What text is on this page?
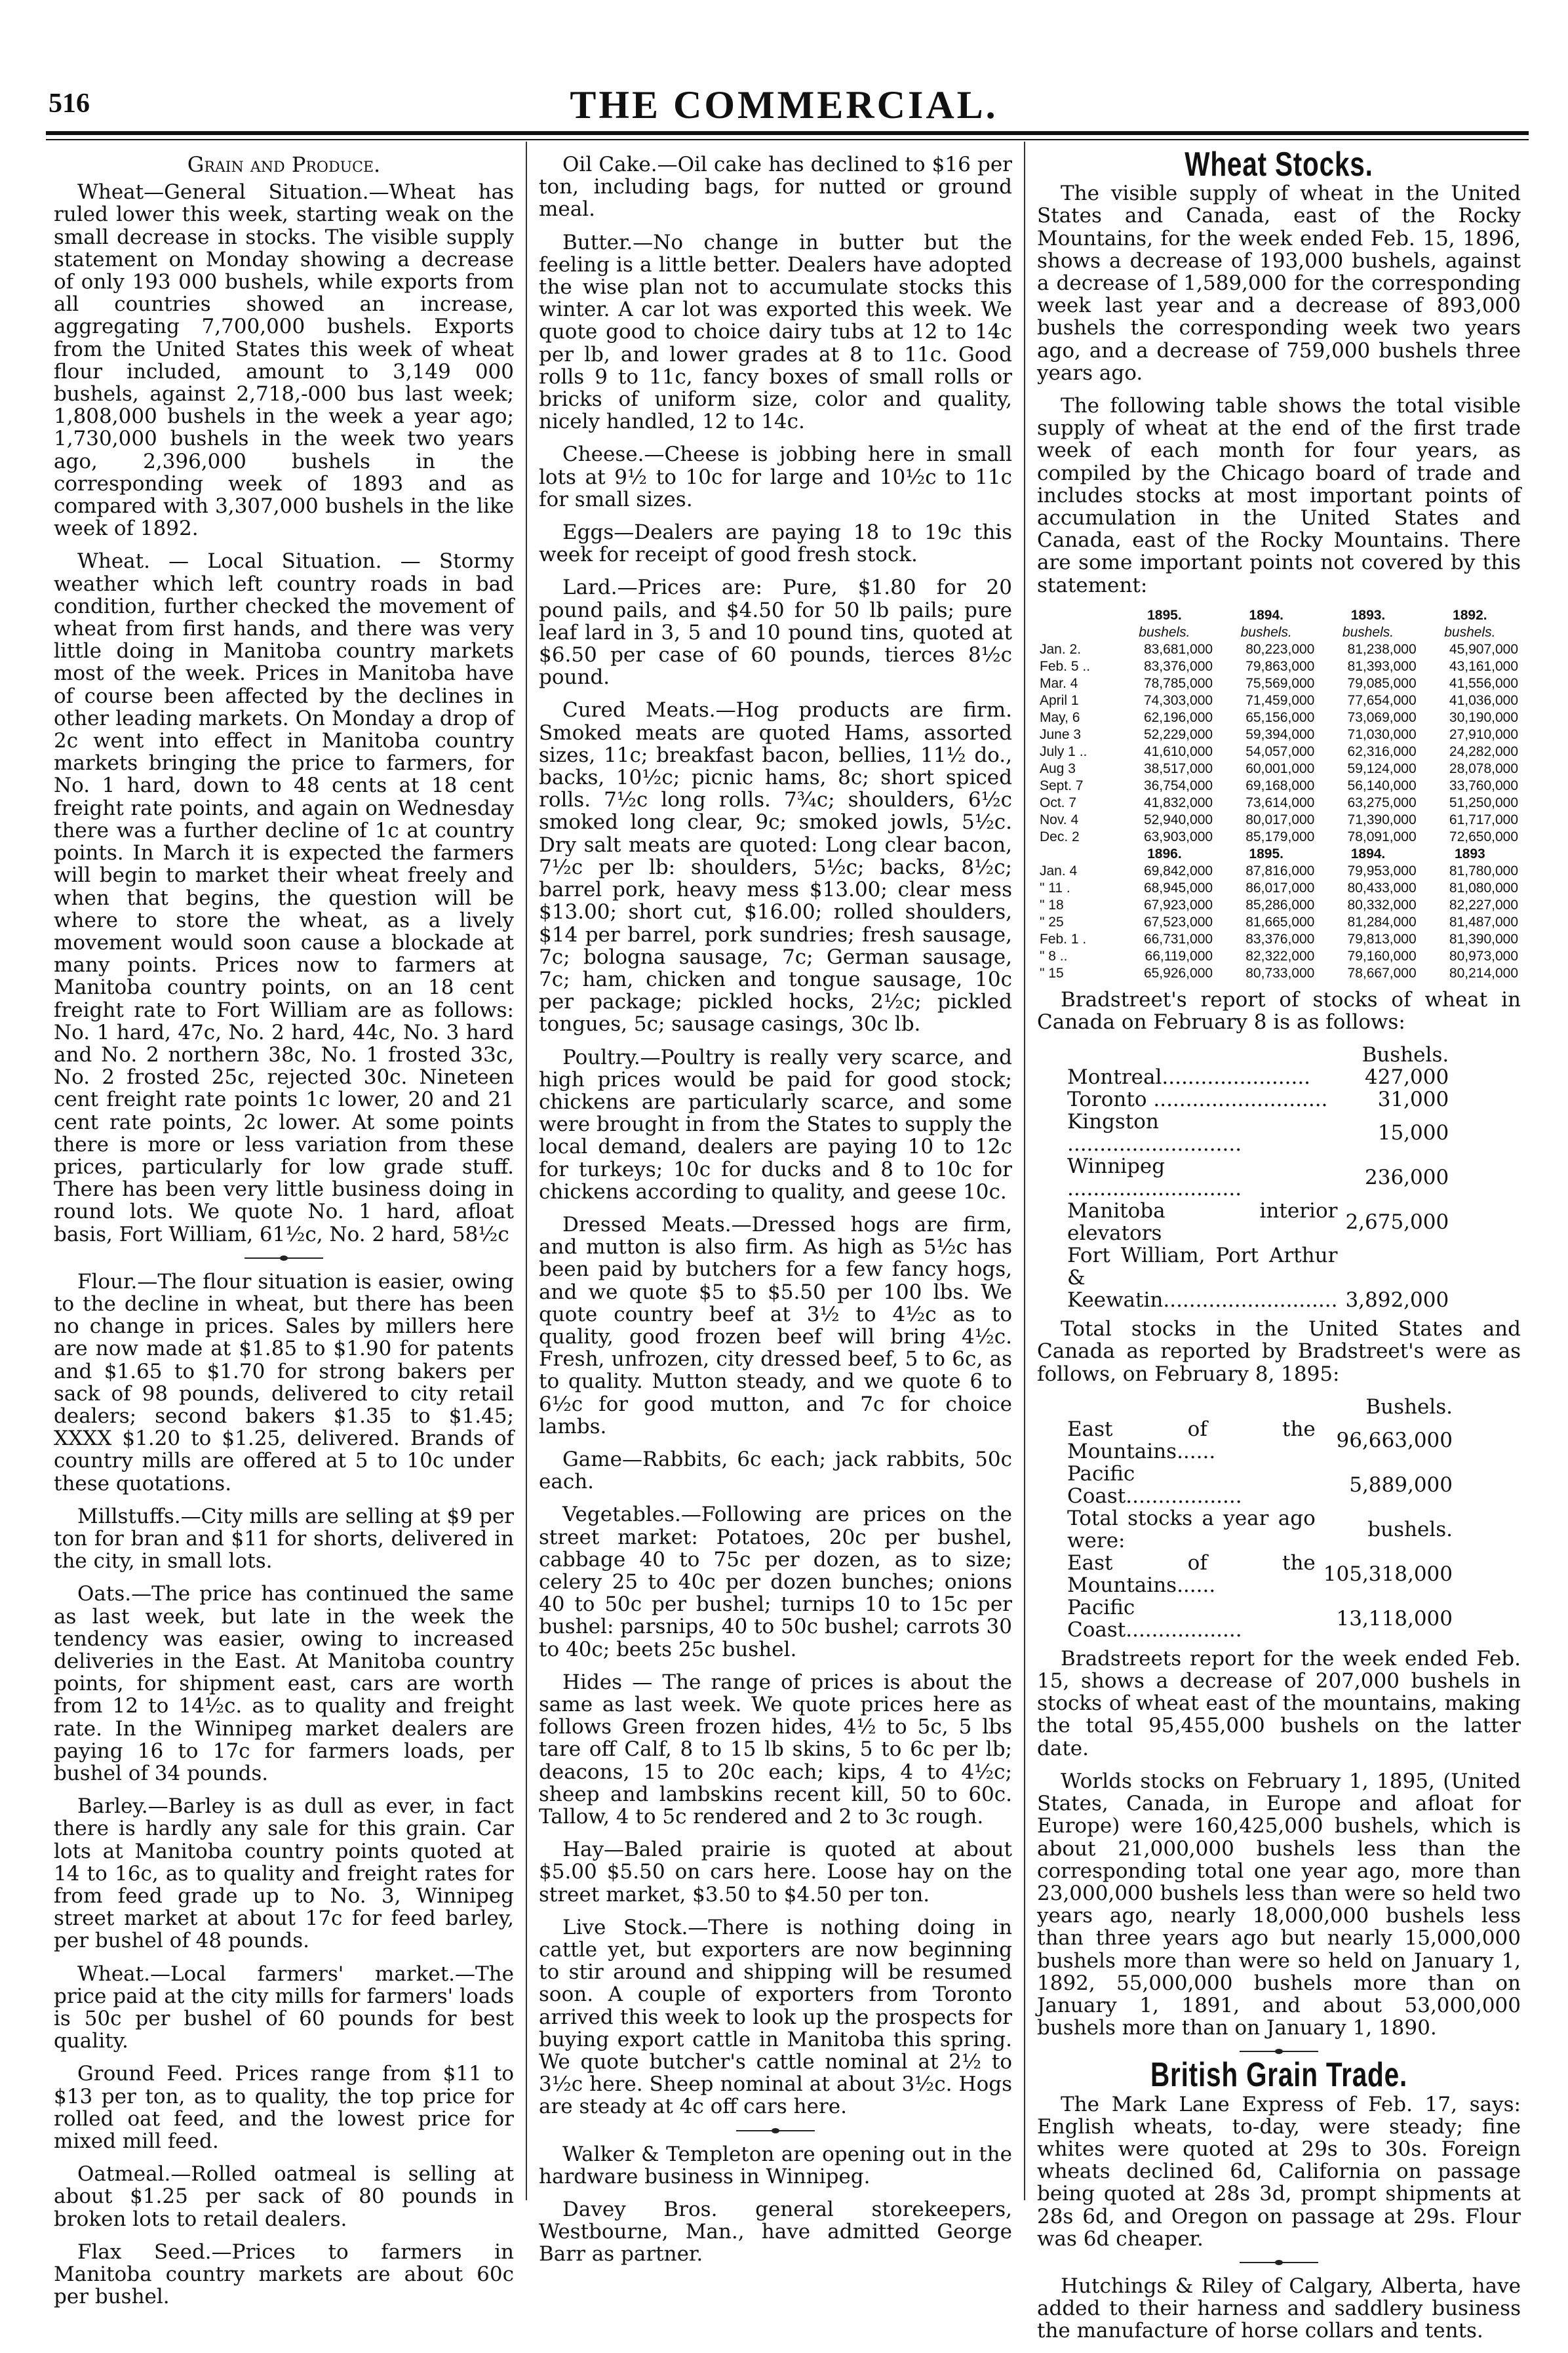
516	THE COMMERCIAL.
Grain and Produce.

Wheat—General Situation.—Wheat has ruled lower this week, starting weak on the small decrease in stocks. The visible supply statement on Monday showing a decrease of only 193 000 bushels, while exports from all countries showed an increase, aggregating 7,700,000 bushels. Exports from the United States this week of wheat flour included, amount to 3,149 000 bushels, against 2,718,-000 bus last week; 1,808,000 bushels in the week a year ago; 1,730,000 bushels in the week two years ago, 2,396,000 bushels in the corresponding week of 1893 and as compared with 3,307,000 bushels in the like week of 1892.

Wheat. — Local Situation. — Stormy weather which left country roads in bad condition, further checked the movement of wheat from first hands, and there was very little doing in Manitoba country markets most of the week. Prices in Manitoba have of course been affected by the declines in other leading markets. On Monday a drop of 2c went into effect in Manitoba country markets bringing the price to farmers, for No. 1 hard, down to 48 cents at 18 cent freight rate points, and again on Wednesday there was a further decline of 1c at country points. In March it is expected the farmers will begin to market their wheat freely and when that begins, the question will be where to store the wheat, as a lively movement would soon cause a blockade at many points. Prices now to farmers at Manitoba country points, on an 18 cent freight rate to Fort William are as follows: No. 1 hard, 47c, No. 2 hard, 44c, No. 3 hard and No. 2 northern 38c, No. 1 frosted 33c, No. 2 frosted 25c, rejected 30c. Nineteen cent freight rate points 1c lower, 20 and 21 cent rate points, 2c lower. At some points there is more or less variation from these prices, particularly for low grade stuff. There has been very little business doing in round lots. We quote No. 1 hard, afloat basis, Fort William, 61½c, No. 2 hard, 58½c

Flour.—The flour situation is easier, owing to the decline in wheat, but there has been no change in prices. Sales by millers here are now made at $1.85 to $1.90 for patents and $1.65 to $1.70 for strong bakers per sack of 98 pounds, delivered to city retail dealers; second bakers $1.35 to $1.45; XXXX $1.20 to $1.25, delivered. Brands of country mills are offered at 5 to 10c under these quotations.

Millstuffs.—City mills are selling at $9 per ton for bran and $11 for shorts, delivered in the city, in small lots.

Oats.—The price has continued the same as last week, but late in the week the tendency was easier, owing to increased deliveries in the East. At Manitoba country points, for shipment east, cars are worth from 12 to 14½c. as to quality and freight rate. In the Winnipeg market dealers are paying 16 to 17c for farmers loads, per bushel of 34 pounds.

Barley.—Barley is as dull as ever, in fact there is hardly any sale for this grain. Car lots at Manitoba country points quoted at 14 to 16c, as to quality and freight rates for from feed grade up to No. 3, Winnipeg street market at about 17c for feed barley, per bushel of 48 pounds.

Wheat.—Local farmers' market.—The price paid at the city mills for farmers' loads is 50c per bushel of 60 pounds for best quality.

Ground Feed. Prices range from $11 to $13 per ton, as to quality, the top price for rolled oat feed, and the lowest price for mixed mill feed.

Oatmeal.—Rolled oatmeal is selling at about $1.25 per sack of 80 pounds in broken lots to retail dealers.

Flax Seed.—Prices to farmers in Manitoba country markets are about 60c per bushel.

Oil Cake.—Oil cake has declined to $16 per ton, including bags, for nutted or ground meal.

Butter.—No change in butter but the feeling is a little better. Dealers have adopted the wise plan not to accumulate stocks this winter. A car lot was exported this week. We quote good to choice dairy tubs at 12 to 14c per lb, and lower grades at 8 to 11c. Good rolls 9 to 11c, fancy boxes of small rolls or bricks of uniform size, color and quality, nicely handled, 12 to 14c.

Cheese.—Cheese is jobbing here in small lots at 9½ to 10c for large and 10½c to 11c for small sizes.

Eggs—Dealers are paying 18 to 19c this week for receipt of good fresh stock.

Lard.—Prices are: Pure, $1.80 for 20 pound pails, and $4.50 for 50 lb pails; pure leaf lard in 3, 5 and 10 pound tins, quoted at $6.50 per case of 60 pounds, tierces 8½c pound.

Cured Meats.—Hog products are firm. Smoked meats are quoted Hams, assorted sizes, 11c; breakfast bacon, bellies, 11½ do., backs, 10½c; picnic hams, 8c; short spiced rolls. 7½c long rolls. 7¾c; shoulders, 6½c smoked long clear, 9c; smoked jowls, 5½c. Dry salt meats are quoted: Long clear bacon, 7½c per lb: shoulders, 5½c; backs, 8½c; barrel pork, heavy mess $13.00; clear mess $13.00; short cut, $16.00; rolled shoulders, $14 per barrel, pork sundries; fresh sausage, 7c; bologna sausage, 7c; German sausage, 7c; ham, chicken and tongue sausage, 10c per package; pickled hocks, 2½c; pickled tongues, 5c; sausage casings, 30c lb.

Poultry.—Poultry is really very scarce, and high prices would be paid for good stock; chickens are particularly scarce, and some were brought in from the States to supply the local demand, dealers are paying 10 to 12c for turkeys; 10c for ducks and 8 to 10c for chickens according to quality, and geese 10c.

Dressed Meats.—Dressed hogs are firm, and mutton is also firm. As high as 5½c has been paid by butchers for a few fancy hogs, and we quote $5 to $5.50 per 100 lbs. We quote country beef at 3½ to 4½c as to quality, good frozen beef will bring 4½c. Fresh, unfrozen, city dressed beef, 5 to 6c, as to quality. Mutton steady, and we quote 6 to 6½c for good mutton, and 7c for choice lambs.

Game—Rabbits, 6c each; jack rabbits, 50c each.

Vegetables.—Following are prices on the street market: Potatoes, 20c per bushel, cabbage 40 to 75c per dozen, as to size; celery 25 to 40c per dozen bunches; onions 40 to 50c per bushel; turnips 10 to 15c per bushel: parsnips, 40 to 50c bushel; carrots 30 to 40c; beets 25c bushel.

Hides — The range of prices is about the same as last week. We quote prices here as follows Green frozen hides, 4½ to 5c, 5 lbs tare off Calf, 8 to 15 lb skins, 5 to 6c per lb; deacons, 15 to 20c each; kips, 4 to 4½c; sheep and lambskins recent kill, 50 to 60c. Tallow, 4 to 5c rendered and 2 to 3c rough.

Hay—Baled prairie is quoted at about $5.00 $5.50 on cars here. Loose hay on the street market, $3.50 to $4.50 per ton.

Live Stock.—There is nothing doing in cattle yet, but exporters are now beginning to stir around and shipping will be resumed soon. A couple of exporters from Toronto arrived this week to look up the prospects for buying export cattle in Manitoba this spring. We quote butcher's cattle nominal at 2½ to 3½c here. Sheep nominal at about 3½c. Hogs are steady at 4c off cars here.

Walker & Templeton are opening out in the hardware business in Winnipeg.

Davey Bros. general storekeepers, Westbourne, Man., have admitted George Barr as partner.

Wheat Stocks.

The visible supply of wheat in the United States and Canada, east of the Rocky Mountains, for the week ended Feb. 15, 1896, shows a decrease of 193,000 bushels, against a decrease of 1,589,000 for the corresponding week last year and a decrease of 893,000 bushels the corresponding week two years ago, and a decrease of 759,000 bushels three years ago.

The following table shows the total visible supply of wheat at the end of the first trade week of each month for four years, as compiled by the Chicago board of trade and includes stocks at most important points of accumulation in the United States and Canada, east of the Rocky Mountains. There are some important points not covered by this statement:

	1895.	1894.	1893.	1892.
	bushels.	bushels.	bushels.	bushels.
Jan. 2.	83,681,000	80,223,000	81,238,000	45,907,000
Feb. 5 ..	83,376,000	79,863,000	81,393,000	43,161,000
Mar. 4	78,785,000	75,569,000	79,085,000	41,556,000
April 1	74,303,000	71,459,000	77,654,000	41,036,000
May, 6	62,196,000	65,156,000	73,069,000	30,190,000
June 3	52,229,000	59,394,000	71,030,000	27,910,000
July 1 ..	41,610,000	54,057,000	62,316,000	24,282,000
Aug 3	38,517,000	60,001,000	59,124,000	28,078,000
Sept. 7	36,754,000	69,168,000	56,140,000	33,760,000
Oct. 7	41,832,000	73,614,000	63,275,000	51,250,000
Nov. 4	52,940,000	80,017,000	71,390,000	61,717,000
Dec. 2	63,903,000	85,179,000	78,091,000	72,650,000
	1896.	1895.	1894.	1893
Jan. 4	69,842,000	87,816,000	79,953,000	81,780,000
" 11 .	68,945,000	86,017,000	80,433,000	81,080,000
" 18	67,923,000	85,286,000	80,332,000	82,227,000
" 25	67,523,000	81,665,000	81,284,000	81,487,000
Feb. 1 .	66,731,000	83,376,000	79,813,000	81,390,000
" 8 ..	66,119,000	82,322,000	79,160,000	80,973,000
" 15	65,926,000	80,733,000	78,667,000	80,214,000

Bradstreet's report of stocks of wheat in Canada on February 8 is as follows:

	Bushels.
Montreal.......................	427,000
Toronto ...........................	31,000
Kingston ...........................	15,000
Winnipeg ...........................	236,000
Manitoba interior elevators	2,675,000
Fort William, Port Arthur &	
Keewatin...........................	3,892,000

Total stocks in the United States and Canada as reported by Bradstreet's were as follows, on February 8, 1895:

	Bushels.
East of the Mountains......	96,663,000
Pacific Coast..................	5,889,000
Total stocks a year ago were:	bushels.
East of the Mountains......	105,318,000
Pacific Coast..................	13,118,000

Bradstreets report for the week ended Feb. 15, shows a decrease of 207,000 bushels in stocks of wheat east of the mountains, making the total 95,455,000 bushels on the latter date.

Worlds stocks on February 1, 1895, (United States, Canada, in Europe and afloat for Europe) were 160,425,000 bushels, which is about 21,000,000 bushels less than the corresponding total one year ago, more than 23,000,000 bushels less than were so held two years ago, nearly 18,000,000 bushels less than three years ago but nearly 15,000,000 bushels more than were so held on January 1, 1892, 55,000,000 bushels more than on January 1, 1891, and about 53,000,000 bushels more than on January 1, 1890.

British Grain Trade.

The Mark Lane Express of Feb. 17, says: English wheats, to-day, were steady; fine whites were quoted at 29s to 30s. Foreign wheats declined 6d, California on passage being quoted at 28s 3d, prompt shipments at 28s 6d, and Oregon on passage at 29s. Flour was 6d cheaper.

Hutchings & Riley of Calgary, Alberta, have added to their harness and saddlery business the manufacture of horse collars and tents.
